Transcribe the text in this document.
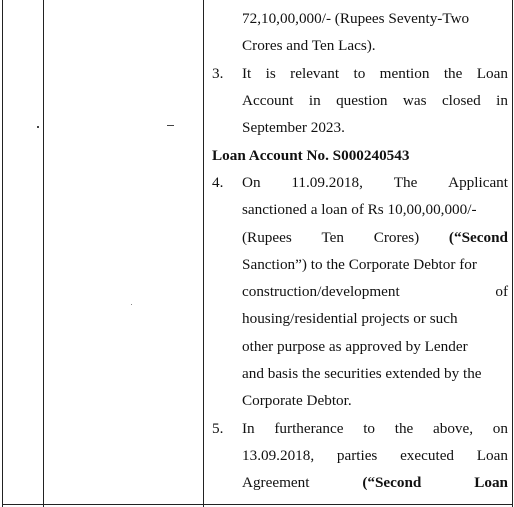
72,10,00,000/- (Rupees Seventy-Two
Crores and Ten Lacs).
3. It is relevant to mention the Loan
Account in question was closed in
September 2023.
Loan Account No. S000240543
4. On 11.09.2018, The Applicant
sanctioned a loan of Rs 10,00,00,000/-
(Rupees Ten Crores) (“Second
Sanction”) to the Corporate Debtor for
construction/development	of
housing/residential projects or such
other purpose as approved by Lender
and basis the securities extended by the
Corporate Debtor.
5. In furtherance to the above, on
13.09.2018, parties executed Loan
Agreement	(“Second	Loan
